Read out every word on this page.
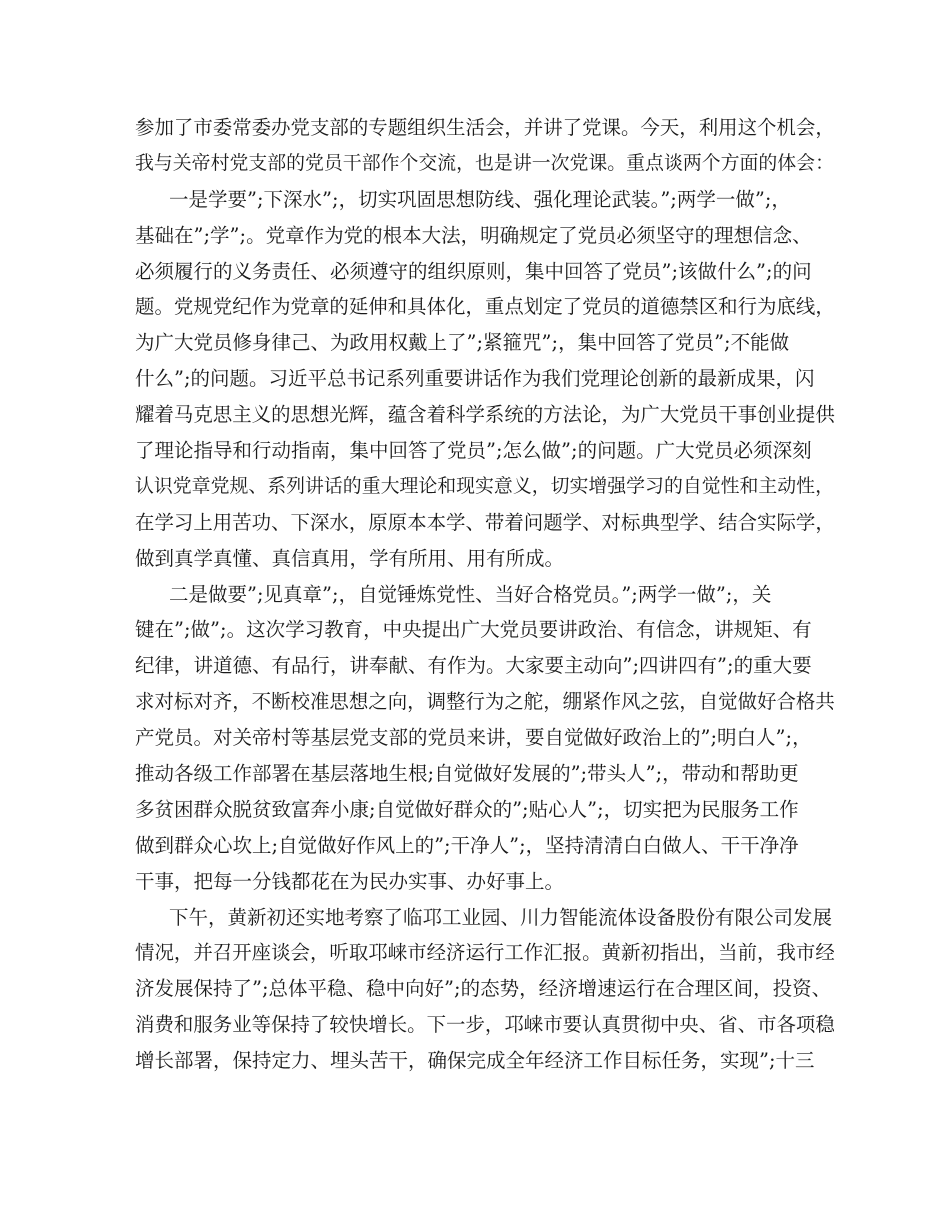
参加了市委常委办党支部的专题组织生活会，并讲了党课。今天，利用这个机会，
我与关帝村党支部的党员干部作个交流，也是讲一次党课。重点谈两个方面的体会：
一是学要”;下深水”;，切实巩固思想防线、强化理论武装。”;两学一做”;，
基础在”;学”;。党章作为党的根本大法，明确规定了党员必须坚守的理想信念、
必须履行的义务责任、必须遵守的组织原则，集中回答了党员”;该做什么”;的问
题。党规党纪作为党章的延伸和具体化，重点划定了党员的道德禁区和行为底线，
为广大党员修身律己、为政用权戴上了”;紧箍咒”;，集中回答了党员”;不能做
什么”;的问题。习近平总书记系列重要讲话作为我们党理论创新的最新成果，闪
耀着马克思主义的思想光辉，蕴含着科学系统的方法论，为广大党员干事创业提供
了理论指导和行动指南，集中回答了党员”;怎么做”;的问题。广大党员必须深刻
认识党章党规、系列讲话的重大理论和现实意义，切实增强学习的自觉性和主动性，
在学习上用苦功、下深水，原原本本学、带着问题学、对标典型学、结合实际学，
做到真学真懂、真信真用，学有所用、用有所成。
二是做要”;见真章”;，自觉锤炼党性、当好合格党员。”;两学一做”;，关
键在”;做”;。这次学习教育，中央提出广大党员要讲政治、有信念，讲规矩、有
纪律，讲道德、有品行，讲奉献、有作为。大家要主动向”;四讲四有”;的重大要
求对标对齐，不断校准思想之向，调整行为之舵，绷紧作风之弦，自觉做好合格共
产党员。对关帝村等基层党支部的党员来讲，要自觉做好政治上的”;明白人”;，
推动各级工作部署在基层落地生根;自觉做好发展的”;带头人”;，带动和帮助更
多贫困群众脱贫致富奔小康;自觉做好群众的”;贴心人”;，切实把为民服务工作
做到群众心坎上;自觉做好作风上的”;干净人”;，坚持清清白白做人、干干净净
干事，把每一分钱都花在为民办实事、办好事上。
下午，黄新初还实地考察了临邛工业园、川力智能流体设备股份有限公司发展
情况，并召开座谈会，听取邛崃市经济运行工作汇报。黄新初指出，当前，我市经
济发展保持了”;总体平稳、稳中向好”;的态势，经济增速运行在合理区间，投资、
消费和服务业等保持了较快增长。下一步，邛崃市要认真贯彻中央、省、市各项稳
增长部署，保持定力、埋头苦干，确保完成全年经济工作目标任务，实现”;十三
